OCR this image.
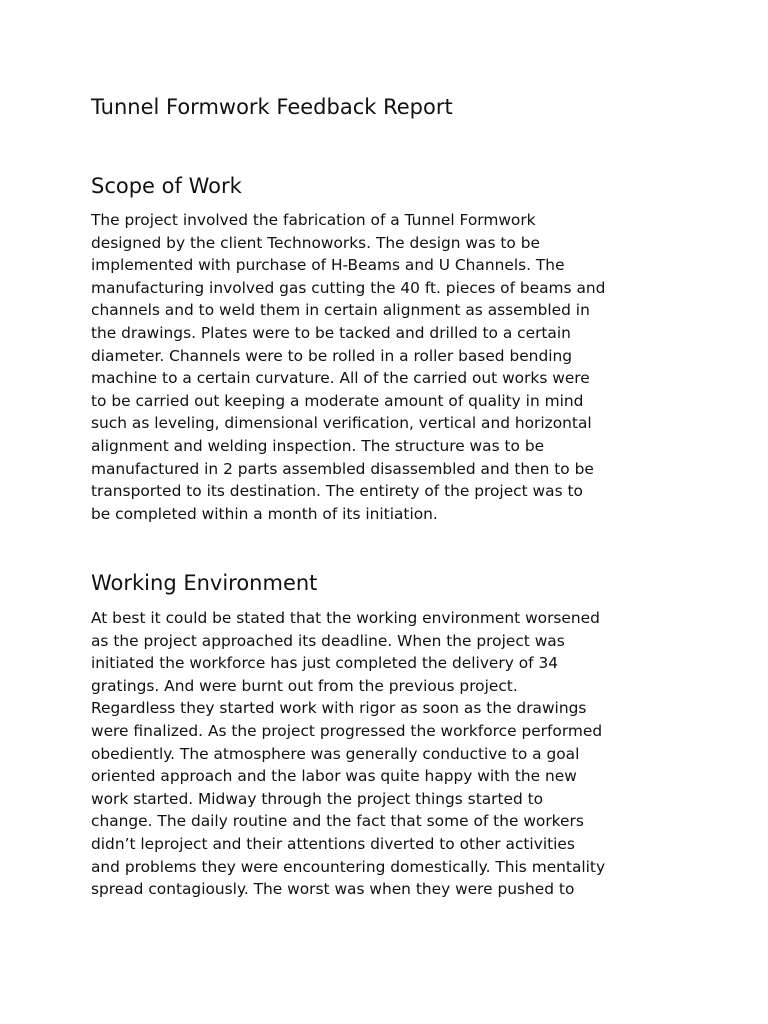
Tunnel Formwork Feedback Report
Scope of Work

The project involved the fabrication of a Tunnel Formwork
designed by the client Technoworks. The design was to be
implemented with purchase of H-Beams and U Channels. The
manufacturing involved gas cutting the 40 ft. pieces of beams and
channels and to weld them in certain alignment as assembled in
the drawings. Plates were to be tacked and drilled to a certain
diameter. Channels were to be rolled in a roller based bending
machine to a certain curvature. All of the carried out works were
to be carried out keeping a moderate amount of quality in mind
such as leveling, dimensional verification, vertical and horizontal
alignment and welding inspection. The structure was to be
manufactured in 2 parts assembled disassembled and then to be
transported to its destination. The entirety of the project was to
be completed within a month of its initiation.

Working Environment

At best it could be stated that the working environment worsened
as the project approached its deadline. When the project was
initiated the workforce has just completed the delivery of 34
gratings. And were burnt out from the previous project.
Regardless they started work with rigor as soon as the drawings
were finalized. As the project progressed the workforce performed
obediently. The atmosphere was generally conductive to a goal
oriented approach and the labor was quite happy with the new
work started. Midway through the project things started to
change. The daily routine and the fact that some of the workers
didn’t leproject and their attentions diverted to other activities
and problems they were encountering domestically. This mentality
spread contagiously. The worst was when they were pushed to
